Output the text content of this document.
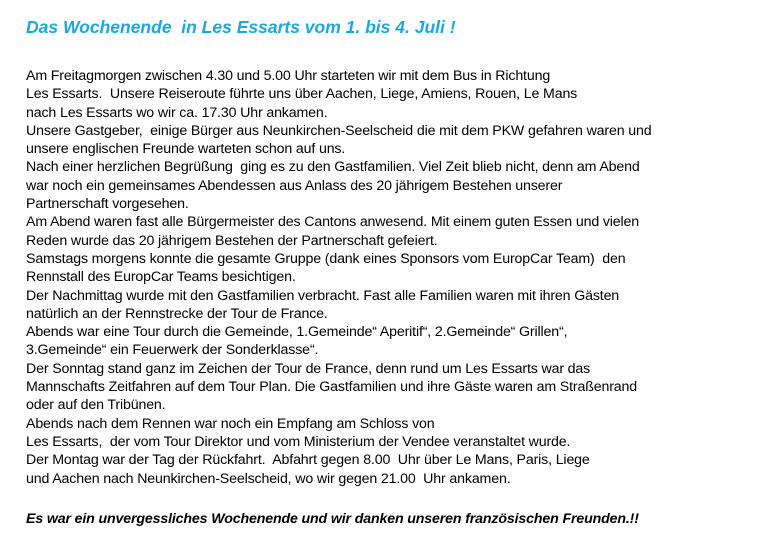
Das Wochenende  in Les Essarts vom 1. bis 4. Juli !
Am Freitagmorgen zwischen 4.30 und 5.00 Uhr starteten wir mit dem Bus in Richtung
Les Essarts.  Unsere Reiseroute führte uns über Aachen, Liege, Amiens, Rouen, Le Mans
nach Les Essarts wo wir ca. 17.30 Uhr ankamen.
Unsere Gastgeber,  einige Bürger aus Neunkirchen-Seelscheid die mit dem PKW gefahren waren und
unsere englischen Freunde warteten schon auf uns.
Nach einer herzlichen Begrüßung  ging es zu den Gastfamilien. Viel Zeit blieb nicht, denn am Abend
war noch ein gemeinsames Abendessen aus Anlass des 20 jährigem Bestehen unserer
Partnerschaft vorgesehen.
Am Abend waren fast alle Bürgermeister des Cantons anwesend. Mit einem guten Essen und vielen
Reden wurde das 20 jährigem Bestehen der Partnerschaft gefeiert.
Samstags morgens konnte die gesamte Gruppe (dank eines Sponsors vom EuropCar Team)  den
Rennstall des EuropCar Teams besichtigen.
Der Nachmittag wurde mit den Gastfamilien verbracht. Fast alle Familien waren mit ihren Gästen
natürlich an der Rennstrecke der Tour de France.
Abends war eine Tour durch die Gemeinde, 1.Gemeinde“ Aperitif“, 2.Gemeinde“ Grillen“,
3.Gemeinde“ ein Feuerwerk der Sonderklasse“.
Der Sonntag stand ganz im Zeichen der Tour de France, denn rund um Les Essarts war das
Mannschafts Zeitfahren auf dem Tour Plan. Die Gastfamilien und ihre Gäste waren am Straßenrand
oder auf den Tribünen.
Abends nach dem Rennen war noch ein Empfang am Schloss von
Les Essarts,  der vom Tour Direktor und vom Ministerium der Vendee veranstaltet wurde.
Der Montag war der Tag der Rückfahrt.  Abfahrt gegen 8.00  Uhr über Le Mans, Paris, Liege
und Aachen nach Neunkirchen-Seelscheid, wo wir gegen 21.00  Uhr ankamen.

Es war ein unvergessliches Wochenende und wir danken unseren französischen Freunden.!!
